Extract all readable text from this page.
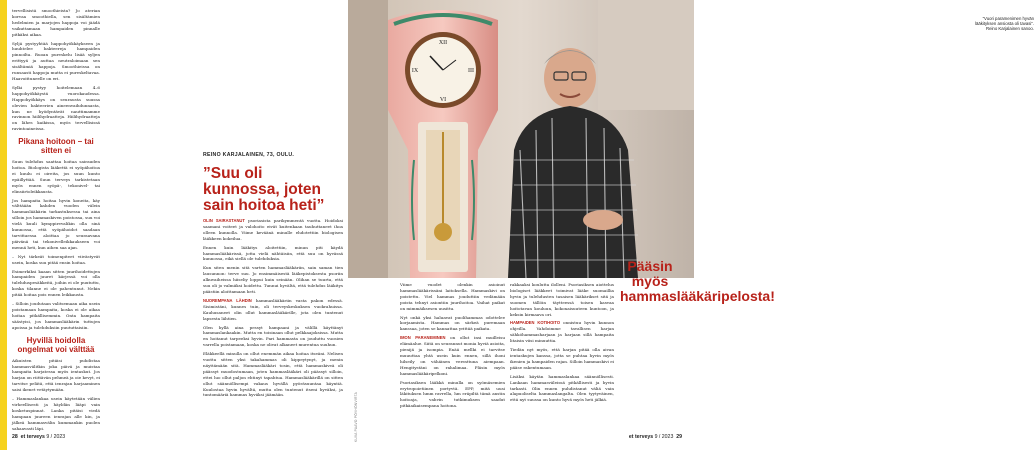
tervellisistä smoothieista? Jo aterian korvaa smoothiella, sen sisältämien hedelmien ja marjojen happoja voi jäädä vaikuttamaan hampaiden pinnalle pitkäksi aikaa.

Syljä pystyyhtää happohyökkäykseen ja huuhtelee bakteereja hampaiden pinnoilta. Ruoan pureskelu lisää syljen erittyyä ja auttaa neutraloimaan sen sisältämiä happoja. Smoothieissa on runsaasti happoja mutta ei pureskeltavaa. Haavoittuneelle on eri.

Sylki pystyy hoitelemaan 4–6 happohyökkäystä vuorokaudessa. Happohyökkäys on seurausta suussa olevien bakteerien aineenvaihdunnasta, kun ne hyödyntävät nauttimamme ravinnon hiilihydraatteja. Hiilihydraatteja on lähes kaikissa, myös tervellisissä ravintoaineissa.

Pikana hoitoon – tai sitten ei

Suun tulehdus saattaa hoitaa sairauden hoitoa. Biologista lääkettä ei syöpähoitoa ei kuulu ei oireita, jos suun kunto epäillyttää. Suun terveys tarkistetaan myös ennen syöpä-, tekonivel- tai elinsiirtoleikkausta.

Jos hampaita hoitaa hyvin koneita, käy välttäään kahden vuoden välein hammaslääkärin tarkastuksessa tai aina silloin jos hammaskiven poistossa, suu voi vielä kuuli kymppirevalikin olla sinä kunnossa, että syöpähoidot saadaan tarvittaessa aloittaa jo seuraavana päivänä tai tekonivelleikkaukseen voi mennä heti, kun aihen saa ajan.

– Nyt tärkeät toimenpiteet viivästyvät usein, koska suu pitää ensin hoitaa.

Esimerkiksi kaaan sitten juurihoidettujen hampaiden juuret kärjessä voi olla tulehduspesäkkeitä, joihin ei ole puututtu, koska tilanne ei ole pahentunut. Nekin pitää hoitaa pois ennen leikkausta.

– Silloin joudutaan valitsemaan aika usein poistamaan hampaita, koska ei ole aikaa hoitaa pitkällisemmin. Onta hampaita säästyisi, jos hammaslääkärin tuttujen apoissa ja tulehduksiin puututtaisiin.

Hyvillä hoidolla ongelmat voi välttää

Aikuisten pitäisi puhdistaa hammasvälitkin joka päivä ja muistaa hampaita harjatessa myös ientaskut. Jos harjan on riittävän pehmeä ja oie kevyt, ei tarvitse pelätä, että ienrajan harjaaminen saisi ikenet vetäytymään.

– Hammaslankaa usein käytetään välien virheellisesti ja häyldän lääpi vain kosketuspinnat. Lanka pitäisi viedä hampaan juureen ienrajan alle kin, ja jälkeä hammasvälin kummankin puolen sahaavasti läpi.

REINO KARJALAINEN, 73, OULU.
”Suu oli kunnossa, joten sain hoitoa heti”

OLIN SAIRASTANUT psoriasista parikymmentä vuotta. Hoidoksi saamani voiteet ja valohoito eivät kuitenkaan tauhuttaneet ihoa olleen kunnolla. Viime keväänä minulle ehdotettiin biologisen lääkkeen kokeilua.

Ennen kuin lääkitys aloitettiin, minun piti käydä hammaslääkärissä, jotta vielä nähtäisiin, että suu on hyvässä kunnossa, eikä siellä ole tulehduksia.

Kun siten menin sitä varten hammaslääkäriin, sain saman tien lausunnon: terve suu. Jo ensimmäisestä lääkepistoksesta psoriin alkuvaiheissa hiiseliy loppui kuin seinään. Olihan se tuurta, että suu oli jo valmiiksi hoidettu. Tunnui hyvältä, että tulehdus lääkitys päästiin aloittamaan heti.

NUOREMPANA LÄHDIN hammaslääkäriin vasta pakon edessä. Sisimistäni, kunnes tuin, oli terveyskeskuksen vuokrahuissa. Kauhusaneet olin ollut hammaslääkärille, jota olen tuntenut lapsesta lähtien.

Olen hyllä aina pessyt hampaani ja välillä käyttänyt hammaslankaakin. Mutta en toisinaan ollut pelkkaajoksissa. Mutta en hoitanut tarpeeksi hyvin. Pari hammasta on jouduttu vuosien varrella poistamaan, koska ne olivat alkaneet murentua suuhun.

Eläkkeellä minulla on ollut enemmän aikaa hoitaa itseäni. Nelisen vuotta sitten yksi takahammas oli kippeytynyt, ja menin näyttämään sitä. Hammaslääkäri tosin, että hammaskiveä oli päässyt muodostumaan, joten hammaslääkäri oli päässyt silloin, ettei luo ollut paljon ehtinyt tapahtua. Hammaslääkärillä on sitten ollut säännöllisempi vakaus hyvällä pyöräsuuntaa käyntiä. Kuulostaa hyvin hyvältä, mutta olen tuntenut itseni hyväksi, ja tuntomääriä hammas hyväksi jäämään.	KUVA PAAVO PÖYHÖNVIRTA
XII
VI
IX	III
”Vuori paramenimen hyvän lääkityksen ansiosta oli tavasi”. Reino Karjalainen sanoo.

Viime vuodet olenkin asioinut hammaslääkärissäni laitoksella. Hammaskivi on poistettu. Viel hammas jouduttiin vedämään poista tehnyt asiontiin juurihoitoa. Vaihat paikat on mimmäiksesen uusittu.

Nyt onkä yksi haluavat puolihammas odottelee korjaamista. Hammas on särkeä puremaan kanssaa, joten se kannattaa yrittää paikata.

IMON PARANEMINEN on ollut insi muilleisu elämäalue. Siitä on seurannut monia hyviä asioita, pienijä ja isompia. Enää mellki ei tarvitse muuuttaa yhtä usein kuin ennen, sillä ihoni hilseily on vähäinen verrattuna aiempaan. Hengitystäni on rahalimaa. Pläsin myös hammaslääkäripelkoni.

Psoriasiksen lääkkä minulla on syömäsemien erytropoietiinen portyvtä. EPP, mitä uusi läkituksen hmm ravrella, hm eräpiltä tämä anstin hoitoaja, vahvin tutkimuksen saadut pitkäaikaisempana hoitona.

rakkaaksi koulutta ilolleni. Psoriasiksen aiottelus biologiset lääkkeet toimivat lääke suomaillia hyvin ja tulehdusten tasaisen lääkärikset sitä ja suomen tällöin täytteessä toisen kasvaa hoitotavan kouluun, kokonaisuuteen kuntoon, ja keksin kirmaava ori.

HAMPAIDEN KOTIHOITO onnistuu hyvin kunnon ohjeilla. Vahdoimme tavallisen harjan sähköhammasharjaan ja harjaan sillä hampaita litaisin viisi minuuttia.

Tiedän nyt myös, että harjan pitää olla aivan ientaskujen kanssa, jotta se puhtaa hyvin myös ikenien ja hampaiden rajan. Silloin hammaskivi ei pääse rakentumaan.

Lisäksi käytän hammaslankaa säännöllisesti. Lankaan hammasväleissä pitkällisesti ja hyvin tarkasti. Olin ennen puhdistanut väliä vain alapuoliselta hammaslangalta. Olen tyytyväinen, että nyt suussa on kunto hyvä myös heti jälkiä.

Pääsin myös hammaslääkäripelosta!
28 et terveys 9 / 2023	et terveys 9 / 2023 29
